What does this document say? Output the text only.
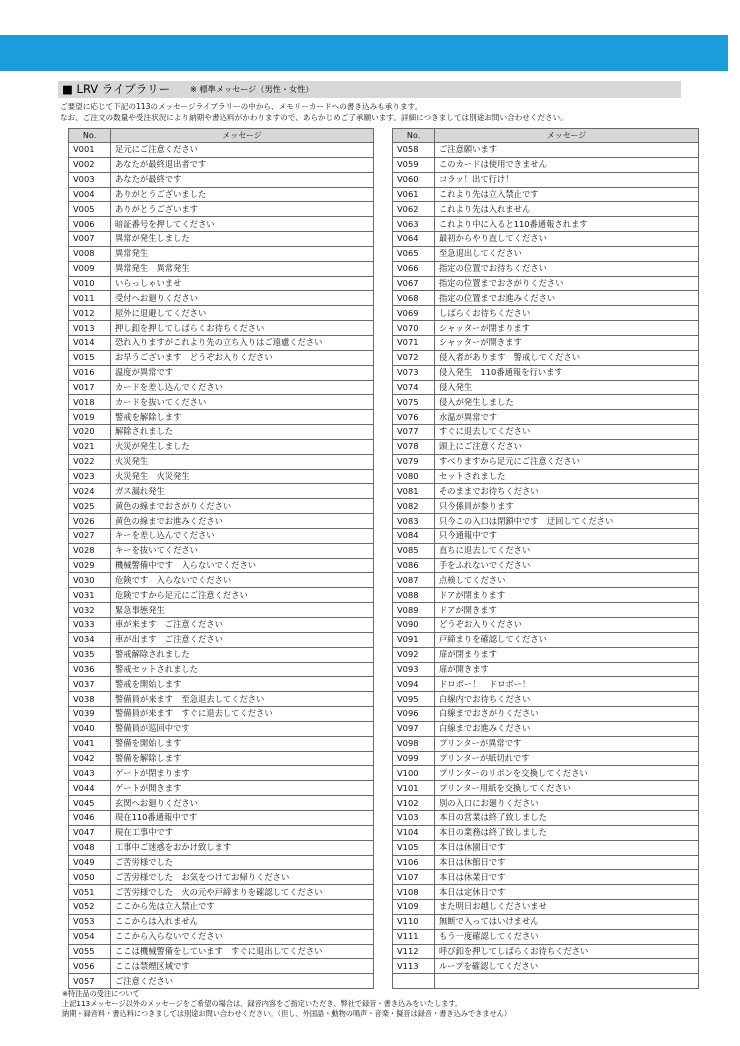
■ LRV ライブラリー ※ 標準メッセージ（男性・女性）
ご要望に応じて下記の113のメッセージライブラリーの中から、メモリーカードへの書き込みも承ります。
なお、ご注文の数量や受注状況により納期や書込料がかわりますので、あらかじめご了承願います。詳細につきましては別途お問い合わせください。
No.	メッセージ
V001	足元にご注意ください
V002	あなたが最終退出者です
V003	あなたが最終です
V004	ありがとうございました
V005	ありがとうございます
V006	暗証番号を押してください
V007	異常が発生しました
V008	異常発生
V009	異常発生　異常発生
V010	いらっしゃいませ
V011	受付へお廻りください
V012	屋外に退避してください
V013	押し釦を押してしばらくお待ちください
V014	恐れ入りますがこれより先の立ち入りはご遠慮ください
V015	お早うございます　どうぞお入りください
V016	温度が異常です
V017	カードを差し込んでください
V018	カードを抜いてください
V019	警戒を解除します
V020	解除されました
V021	火災が発生しました
V022	火災発生
V023	火災発生　火災発生
V024	ガス漏れ発生
V025	黄色の線までおさがりください
V026	黄色の線までお進みください
V027	キーを差し込んでください
V028	キーを抜いてください
V029	機械警備中です　入らないでください
V030	危険です　入らないでください
V031	危険ですから足元にご注意ください
V032	緊急事態発生
V033	車が来ます　ご注意ください
V034	車が出ます　ご注意ください
V035	警戒解除されました
V036	警戒セットされました
V037	警戒を開始します
V038	警備員が来ます　至急退去してください
V039	警備員が来ます　すぐに退去してください
V040	警備員が巡回中です
V041	警備を開始します
V042	警備を解除します
V043	ゲートが閉まります
V044	ゲートが開きます
V045	玄関へお廻りください
V046	現在110番通報中です
V047	現在工事中です
V048	工事中ご迷惑をおかけ致します
V049	ご苦労様でした
V050	ご苦労様でした　お気をつけてお帰りください
V051	ご苦労様でした　火の元や戸締まりを確認してください
V052	ここから先は立入禁止です
V053	ここからは入れません
V054	ここから入らないでください
V055	ここは機械警備をしています　すぐに退出してください
V056	ここは禁煙区域です
V057	ご注意ください
No.	メッセージ
V058	ご注意願います
V059	このカードは使用できません
V060	コラッ！出て行け！
V061	これより先は立入禁止です
V062	これより先は入れません
V063	これより中に入ると110番通報されます
V064	最初からやり直してください
V065	至急退出してください
V066	指定の位置でお待ちください
V067	指定の位置までおさがりください
V068	指定の位置までお進みください
V069	しばらくお待ちください
V070	シャッターが閉まります
V071	シャッターが開きます
V072	侵入者があります　警戒してください
V073	侵入発生　110番通報を行います
V074	侵入発生
V075	侵入が発生しました
V076	水温が異常です
V077	すぐに退去してください
V078	頭上にご注意ください
V079	すべりますから足元にご注意ください
V080	セットされました
V081	そのままでお待ちください
V082	只今係員が参ります
V083	只今この入口は閉鎖中です　迂回してください
V084	只今通報中です
V085	直ちに退去してください
V086	手をふれないでください
V087	点検してください
V088	ドアが閉まります
V089	ドアが開きます
V090	どうぞお入りください
V091	戸締まりを確認してください
V092	扉が閉まります
V093	扉が開きます
V094	ドロボー！　ドロボー！
V095	白線内でお待ちください
V096	白線までおさがりください
V097	白線までお進みください
V098	プリンターが異常です
V099	プリンターが紙切れです
V100	プリンターのリボンを交換してください
V101	プリンター用紙を交換してください
V102	別の入口にお廻りください
V103	本日の営業は終了致しました
V104	本日の業務は終了致しました
V105	本日は休園日です
V106	本日は休館日です
V107	本日は休業日です
V108	本日は定休日です
V109	また明日お越しくださいませ
V110	無断で入ってはいけません
V111	もう一度確認してください
V112	呼び釦を押してしばらくお待ちください
V113	ループを確認してください

※特注品の受注について
上記113メッセージ以外のメッセージをご希望の場合は、録音内容をご指定いただき、弊社で録音・書き込みをいたします。
納期・録音料・書込料につきましては別途お問い合わせください。（但し、外国語・動物の鳴声・音楽・擬音は録音・書き込みできません）
